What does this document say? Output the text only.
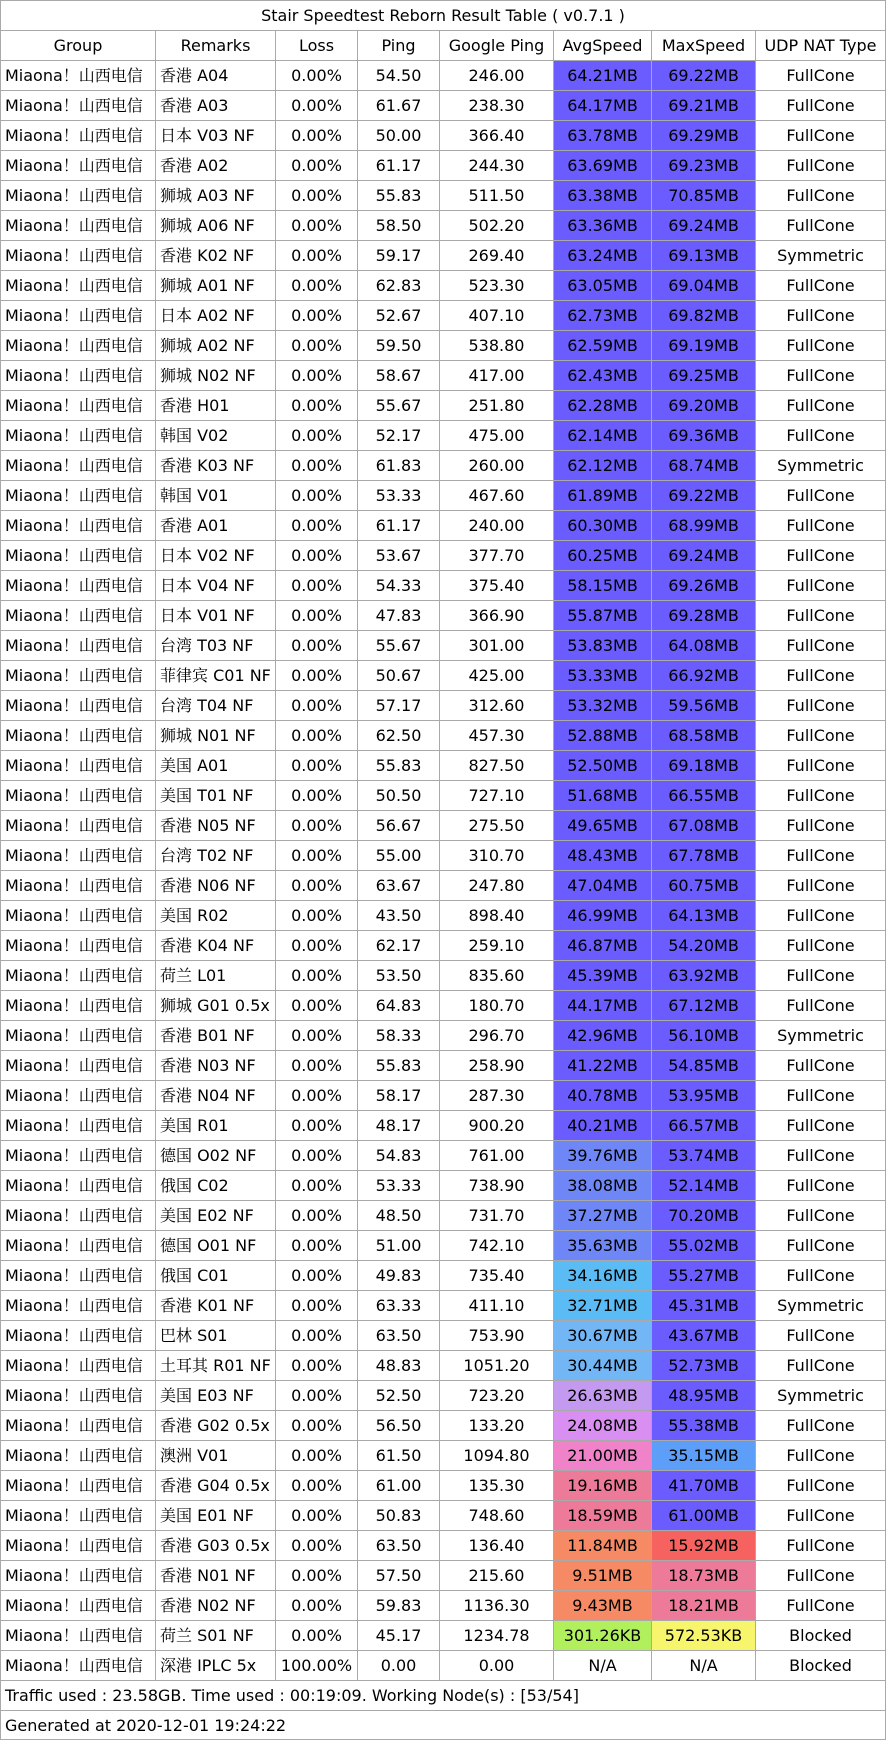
Stair Speedtest Reborn Result Table ( v0.7.1 )
Group	Remarks	Loss	Ping	Google Ping	AvgSpeed	MaxSpeed	UDP NAT Type
Miaona！山西电信	香港 A04	0.00%	54.50	246.00	64.21MB	69.22MB	FullCone
Miaona！山西电信	香港 A03	0.00%	61.67	238.30	64.17MB	69.21MB	FullCone
Miaona！山西电信	日本 V03 NF	0.00%	50.00	366.40	63.78MB	69.29MB	FullCone
Miaona！山西电信	香港 A02	0.00%	61.17	244.30	63.69MB	69.23MB	FullCone
Miaona！山西电信	狮城 A03 NF	0.00%	55.83	511.50	63.38MB	70.85MB	FullCone
Miaona！山西电信	狮城 A06 NF	0.00%	58.50	502.20	63.36MB	69.24MB	FullCone
Miaona！山西电信	香港 K02 NF	0.00%	59.17	269.40	63.24MB	69.13MB	Symmetric
Miaona！山西电信	狮城 A01 NF	0.00%	62.83	523.30	63.05MB	69.04MB	FullCone
Miaona！山西电信	日本 A02 NF	0.00%	52.67	407.10	62.73MB	69.82MB	FullCone
Miaona！山西电信	狮城 A02 NF	0.00%	59.50	538.80	62.59MB	69.19MB	FullCone
Miaona！山西电信	狮城 N02 NF	0.00%	58.67	417.00	62.43MB	69.25MB	FullCone
Miaona！山西电信	香港 H01	0.00%	55.67	251.80	62.28MB	69.20MB	FullCone
Miaona！山西电信	韩国 V02	0.00%	52.17	475.00	62.14MB	69.36MB	FullCone
Miaona！山西电信	香港 K03 NF	0.00%	61.83	260.00	62.12MB	68.74MB	Symmetric
Miaona！山西电信	韩国 V01	0.00%	53.33	467.60	61.89MB	69.22MB	FullCone
Miaona！山西电信	香港 A01	0.00%	61.17	240.00	60.30MB	68.99MB	FullCone
Miaona！山西电信	日本 V02 NF	0.00%	53.67	377.70	60.25MB	69.24MB	FullCone
Miaona！山西电信	日本 V04 NF	0.00%	54.33	375.40	58.15MB	69.26MB	FullCone
Miaona！山西电信	日本 V01 NF	0.00%	47.83	366.90	55.87MB	69.28MB	FullCone
Miaona！山西电信	台湾 T03 NF	0.00%	55.67	301.00	53.83MB	64.08MB	FullCone
Miaona！山西电信	菲律宾 C01 NF	0.00%	50.67	425.00	53.33MB	66.92MB	FullCone
Miaona！山西电信	台湾 T04 NF	0.00%	57.17	312.60	53.32MB	59.56MB	FullCone
Miaona！山西电信	狮城 N01 NF	0.00%	62.50	457.30	52.88MB	68.58MB	FullCone
Miaona！山西电信	美国 A01	0.00%	55.83	827.50	52.50MB	69.18MB	FullCone
Miaona！山西电信	美国 T01 NF	0.00%	50.50	727.10	51.68MB	66.55MB	FullCone
Miaona！山西电信	香港 N05 NF	0.00%	56.67	275.50	49.65MB	67.08MB	FullCone
Miaona！山西电信	台湾 T02 NF	0.00%	55.00	310.70	48.43MB	67.78MB	FullCone
Miaona！山西电信	香港 N06 NF	0.00%	63.67	247.80	47.04MB	60.75MB	FullCone
Miaona！山西电信	美国 R02	0.00%	43.50	898.40	46.99MB	64.13MB	FullCone
Miaona！山西电信	香港 K04 NF	0.00%	62.17	259.10	46.87MB	54.20MB	FullCone
Miaona！山西电信	荷兰 L01	0.00%	53.50	835.60	45.39MB	63.92MB	FullCone
Miaona！山西电信	狮城 G01 0.5x	0.00%	64.83	180.70	44.17MB	67.12MB	FullCone
Miaona！山西电信	香港 B01 NF	0.00%	58.33	296.70	42.96MB	56.10MB	Symmetric
Miaona！山西电信	香港 N03 NF	0.00%	55.83	258.90	41.22MB	54.85MB	FullCone
Miaona！山西电信	香港 N04 NF	0.00%	58.17	287.30	40.78MB	53.95MB	FullCone
Miaona！山西电信	美国 R01	0.00%	48.17	900.20	40.21MB	66.57MB	FullCone
Miaona！山西电信	德国 O02 NF	0.00%	54.83	761.00	39.76MB	53.74MB	FullCone
Miaona！山西电信	俄国 C02	0.00%	53.33	738.90	38.08MB	52.14MB	FullCone
Miaona！山西电信	美国 E02 NF	0.00%	48.50	731.70	37.27MB	70.20MB	FullCone
Miaona！山西电信	德国 O01 NF	0.00%	51.00	742.10	35.63MB	55.02MB	FullCone
Miaona！山西电信	俄国 C01	0.00%	49.83	735.40	34.16MB	55.27MB	FullCone
Miaona！山西电信	香港 K01 NF	0.00%	63.33	411.10	32.71MB	45.31MB	Symmetric
Miaona！山西电信	巴林 S01	0.00%	63.50	753.90	30.67MB	43.67MB	FullCone
Miaona！山西电信	土耳其 R01 NF	0.00%	48.83	1051.20	30.44MB	52.73MB	FullCone
Miaona！山西电信	美国 E03 NF	0.00%	52.50	723.20	26.63MB	48.95MB	Symmetric
Miaona！山西电信	香港 G02 0.5x	0.00%	56.50	133.20	24.08MB	55.38MB	FullCone
Miaona！山西电信	澳洲 V01	0.00%	61.50	1094.80	21.00MB	35.15MB	FullCone
Miaona！山西电信	香港 G04 0.5x	0.00%	61.00	135.30	19.16MB	41.70MB	FullCone
Miaona！山西电信	美国 E01 NF	0.00%	50.83	748.60	18.59MB	61.00MB	FullCone
Miaona！山西电信	香港 G03 0.5x	0.00%	63.50	136.40	11.84MB	15.92MB	FullCone
Miaona！山西电信	香港 N01 NF	0.00%	57.50	215.60	9.51MB	18.73MB	FullCone
Miaona！山西电信	香港 N02 NF	0.00%	59.83	1136.30	9.43MB	18.21MB	FullCone
Miaona！山西电信	荷兰 S01 NF	0.00%	45.17	1234.78	301.26KB	572.53KB	Blocked
Miaona！山西电信	深港 IPLC 5x	100.00%	0.00	0.00	N/A	N/A	Blocked
Traffic used : 23.58GB. Time used : 00:19:09. Working Node(s) : [53/54]
Generated at 2020-12-01 19:24:22
